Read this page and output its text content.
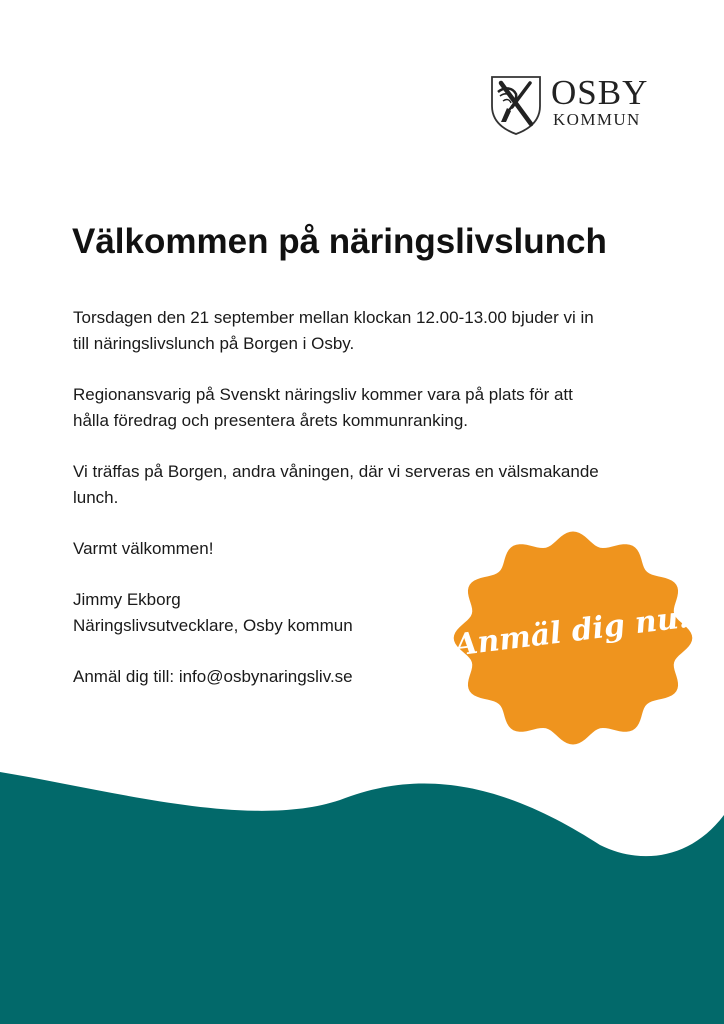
OSBY
KOMMUN
Välkommen på näringslivslunch

Torsdagen den 21 september mellan klockan 12.00-13.00 bjuder vi in
till näringslivslunch på Borgen i Osby.

Regionansvarig på Svenskt näringsliv kommer vara på plats för att
hålla föredrag och presentera årets kommunranking.

Vi träffas på Borgen, andra våningen, där vi serveras en välsmakande
lunch.

Varmt välkommen!

Jimmy Ekborg
Näringslivsutvecklare, Osby kommun

Anmäl dig till: info@osbynaringsliv.se

Anmäl dig nu!
